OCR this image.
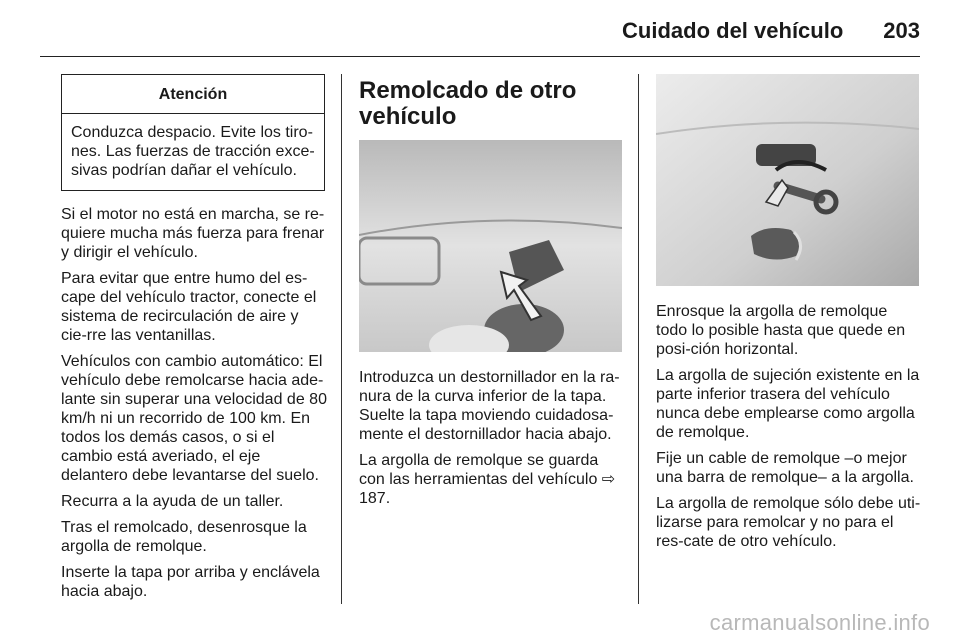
Cuidado del vehículo 203
Atención
Conduzca despacio. Evite los tiro-nes. Las fuerzas de tracción exce-sivas podrían dañar el vehículo.

Si el motor no está en marcha, se re-quiere mucha más fuerza para frenar y dirigir el vehículo.

Para evitar que entre humo del es-cape del vehículo tractor, conecte el sistema de recirculación de aire y cie-rre las ventanillas.

Vehículos con cambio automático: El vehículo debe remolcarse hacia ade-lante sin superar una velocidad de 80 km/h ni un recorrido de 100 km. En todos los demás casos, o si el cambio está averiado, el eje delantero debe levantarse del suelo.

Recurra a la ayuda de un taller.

Tras el remolcado, desenrosque la argolla de remolque.

Inserte la tapa por arriba y enclávela hacia abajo.

Remolcado de otro vehículo

Introduzca un destornillador en la ra-nura de la curva inferior de la tapa. Suelte la tapa moviendo cuidadosa-mente el destornillador hacia abajo.

La argolla de remolque se guarda con las herramientas del vehículo ⇨ 187.

Enrosque la argolla de remolque todo lo posible hasta que quede en posi-ción horizontal.

La argolla de sujeción existente en la parte inferior trasera del vehículo nunca debe emplearse como argolla de remolque.

Fije un cable de remolque –o mejor una barra de remolque– a la argolla.

La argolla de remolque sólo debe uti-lizarse para remolcar y no para el res-cate de otro vehículo.

carmanualsonline.info
